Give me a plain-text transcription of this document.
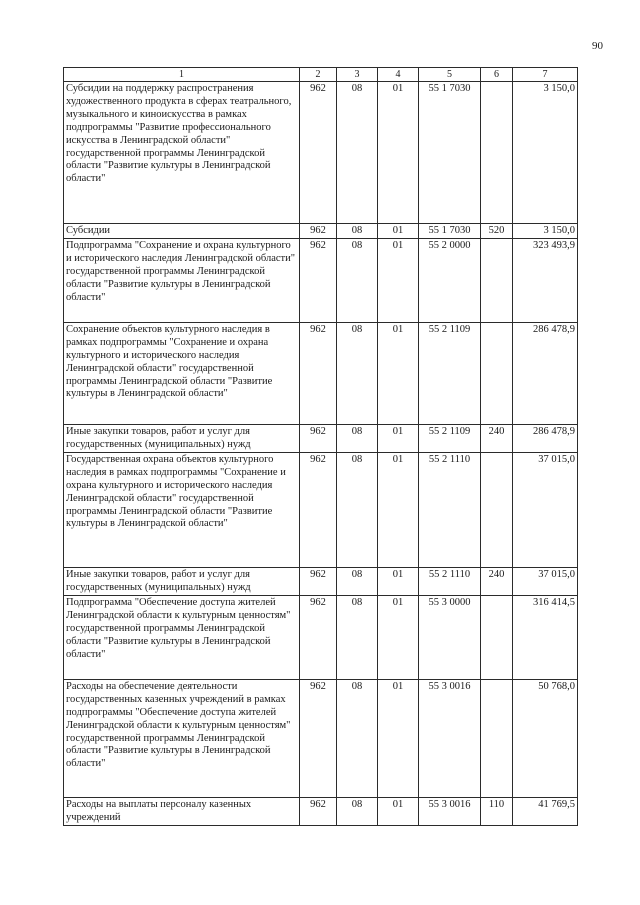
90
1	2	3	4	5	6	7
Субсидии на поддержку распространения художественного продукта в сферах театрального, музыкального и киноискусства в рамках подпрограммы "Развитие профессионального искусства в Ленинградской области" государственной программы Ленинградской области "Развитие культуры в Ленинградской области"	962	08	01	55 1 7030		3 150,0
Субсидии	962	08	01	55 1 7030	520	3 150,0
Подпрограмма "Сохранение и охрана культурного и исторического наследия Ленинградской области" государственной программы Ленинградской области "Развитие культуры в Ленинградской области"	962	08	01	55 2 0000		323 493,9
Сохранение объектов культурного наследия в рамках подпрограммы "Сохранение и охрана культурного и исторического наследия Ленинградской области" государственной программы Ленинградской области "Развитие культуры в Ленинградской области"	962	08	01	55 2 1109		286 478,9
Иные закупки товаров, работ и услуг для государственных (муниципальных) нужд	962	08	01	55 2 1109	240	286 478,9
Государственная охрана объектов культурного наследия в рамках подпрограммы "Сохранение и охрана культурного и исторического наследия Ленинградской области" государственной программы Ленинградской области "Развитие культуры в Ленинградской области"	962	08	01	55 2 1110		37 015,0
Иные закупки товаров, работ и услуг для государственных (муниципальных) нужд	962	08	01	55 2 1110	240	37 015,0
Подпрограмма "Обеспечение доступа жителей Ленинградской области к культурным ценностям" государственной программы Ленинградской области "Развитие культуры в Ленинградской области"	962	08	01	55 3 0000		316 414,5
Расходы на обеспечение деятельности государственных казенных учреждений в рамках подпрограммы "Обеспечение доступа жителей Ленинградской области к культурным ценностям" государственной программы Ленинградской области "Развитие культуры в Ленинградской области"	962	08	01	55 3 0016		50 768,0
Расходы на выплаты персоналу казенных учреждений	962	08	01	55 3 0016	110	41 769,5
